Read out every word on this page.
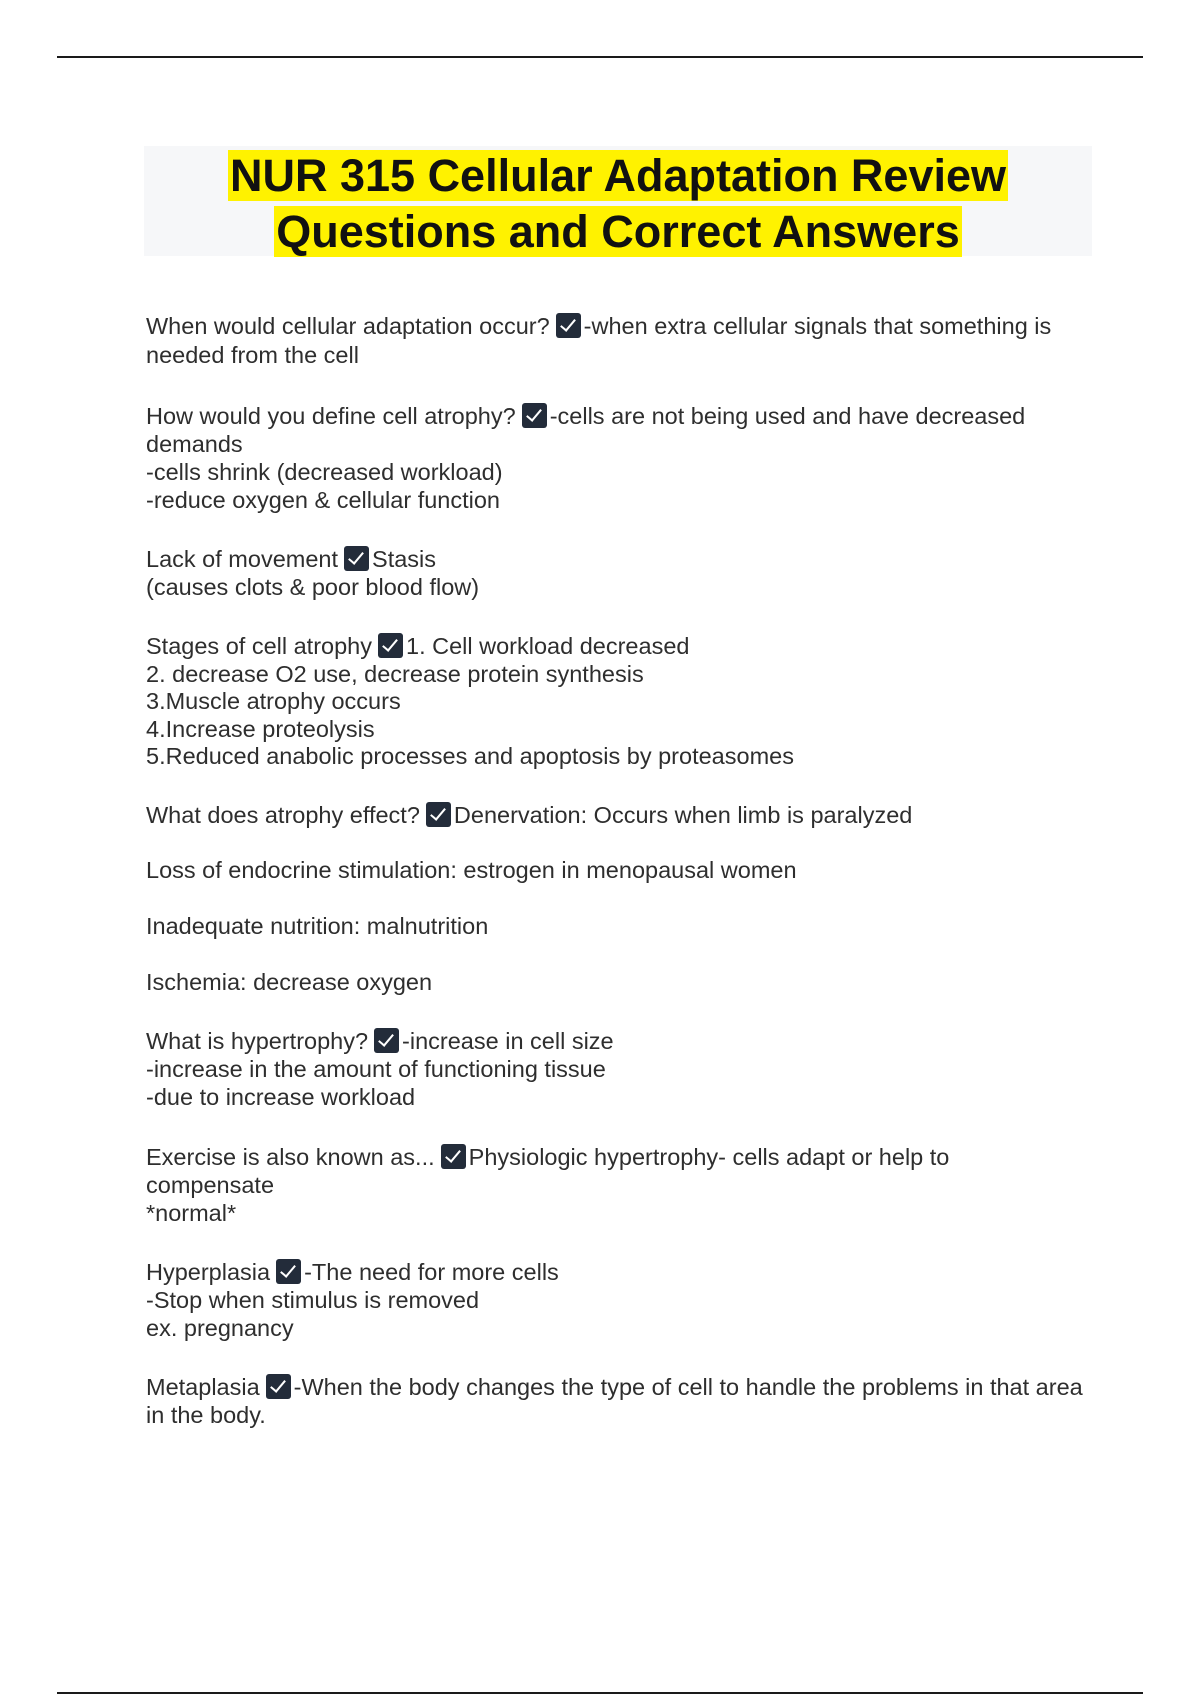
NUR 315 Cellular Adaptation Review
Questions and Correct Answers
When would cellular adaptation occur? -when extra cellular signals that something is needed from the cell
How would you define cell atrophy? -cells are not being used and have decreased demands
-cells shrink (decreased workload)
-reduce oxygen & cellular function
Lack of movement Stasis
(causes clots & poor blood flow)
Stages of cell atrophy 1. Cell workload decreased
2. decrease O2 use, decrease protein synthesis
3.Muscle atrophy occurs
4.Increase proteolysis
5.Reduced anabolic processes and apoptosis by proteasomes
What does atrophy effect? Denervation: Occurs when limb is paralyzed
Loss of endocrine stimulation: estrogen in menopausal women
Inadequate nutrition: malnutrition
Ischemia: decrease oxygen
What is hypertrophy? -increase in cell size
-increase in the amount of functioning tissue
-due to increase workload
Exercise is also known as... Physiologic hypertrophy- cells adapt or help to compensate
*normal*
Hyperplasia -The need for more cells
-Stop when stimulus is removed
ex. pregnancy
Metaplasia -When the body changes the type of cell to handle the problems in that area in the body.
